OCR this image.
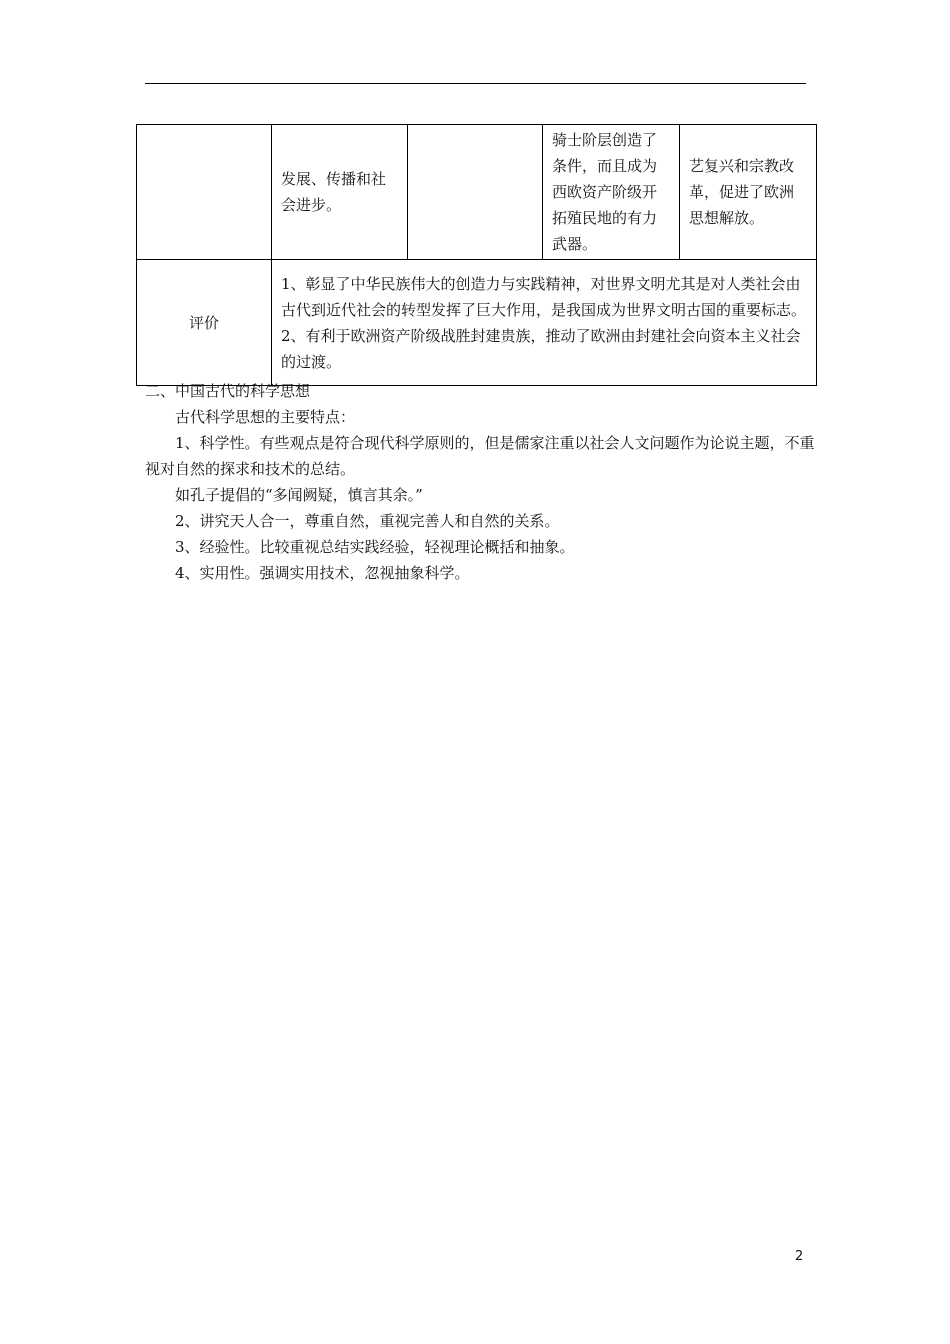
	发展、传播和社会进步。		骑士阶层创造了条件，而且成为西欧资产阶级开拓殖民地的有力武器。	艺复兴和宗教改革，促进了欧洲思想解放。

评价	1、彰显了中华民族伟大的创造力与实践精神，对世界文明尤其是对人类社会由古代到近代社会的转型发挥了巨大作用，是我国成为世界文明古国的重要标志。
2、有利于欧洲资产阶级战胜封建贵族，推动了欧洲由封建社会向资本主义社会的过渡。			

二、中国古代的科学思想

古代科学思想的主要特点：

1、科学性。有些观点是符合现代科学原则的，但是儒家注重以社会人文问题作为论说主题，不重视对自然的探求和技术的总结。

如孔子提倡的“多闻阙疑，慎言其余。”

2、讲究天人合一，尊重自然，重视完善人和自然的关系。

3、经验性。比较重视总结实践经验，轻视理论概括和抽象。

4、实用性。强调实用技术，忽视抽象科学。

2
